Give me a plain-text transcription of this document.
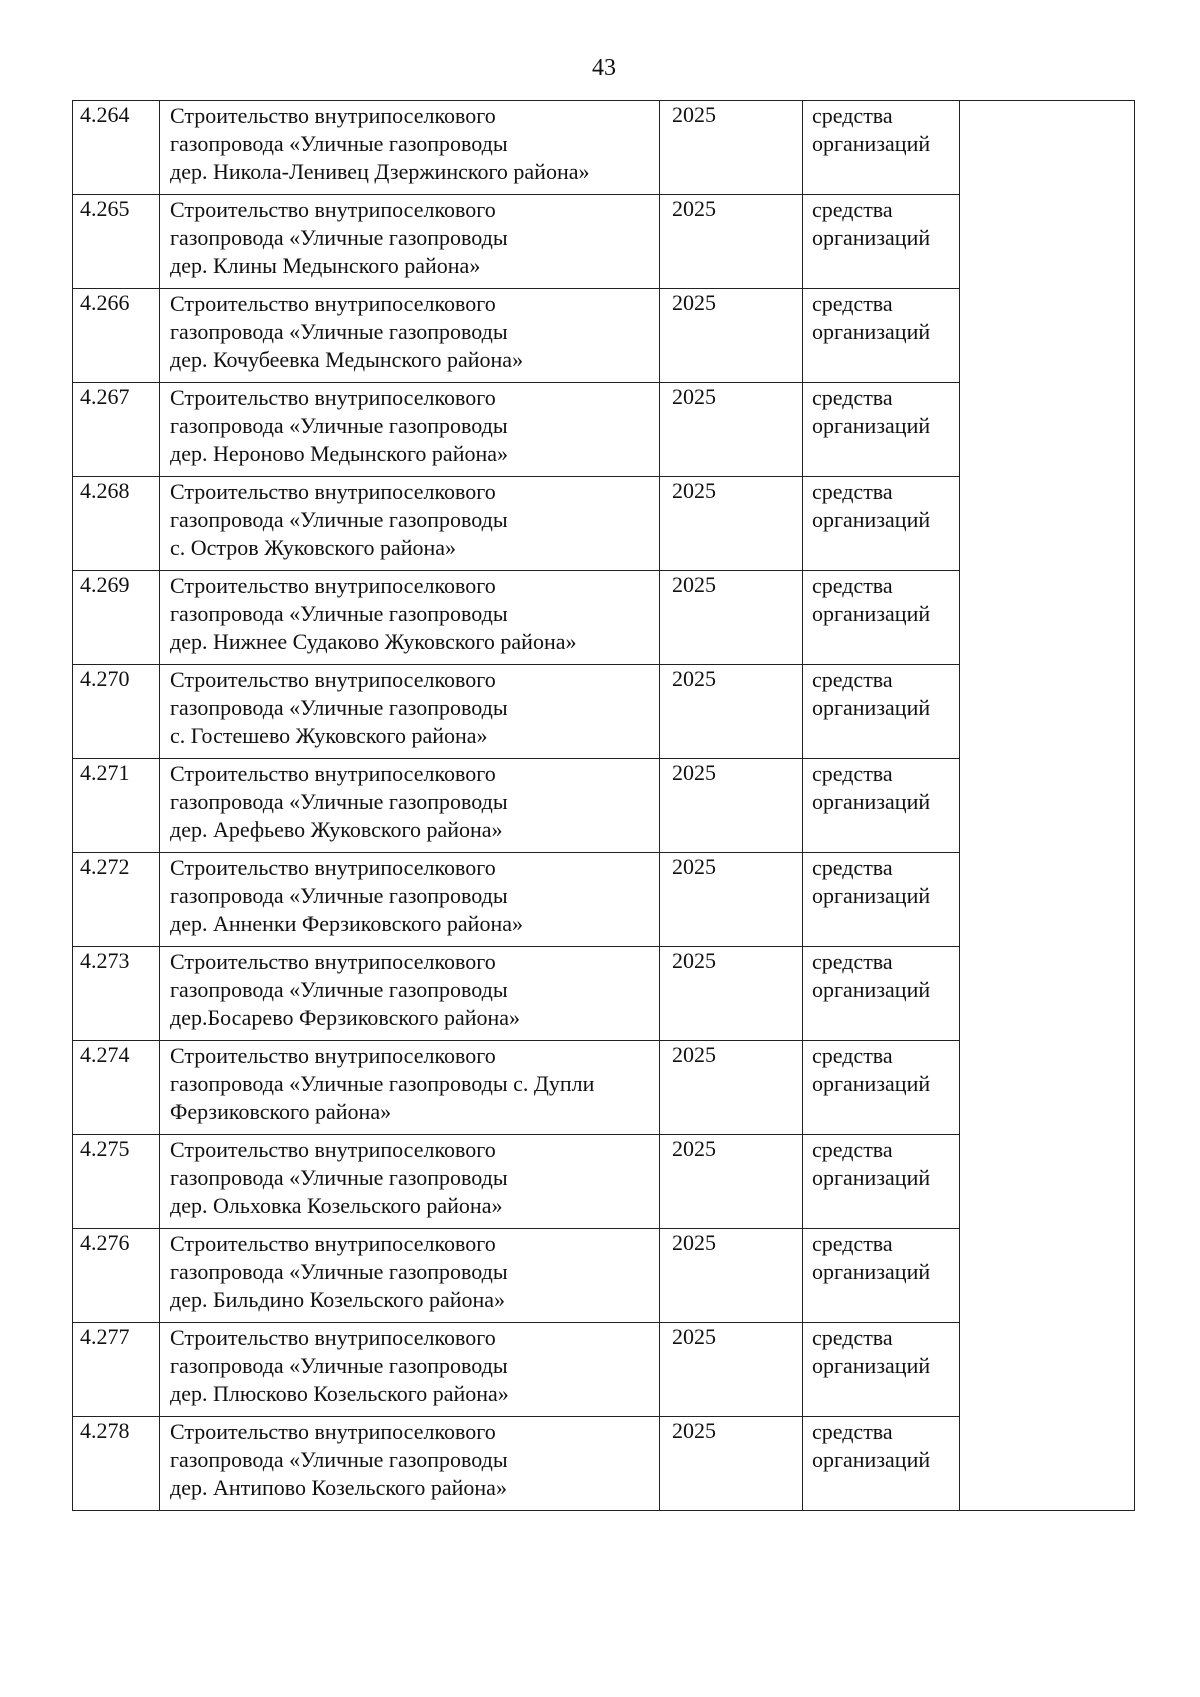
43
4.264	Строительство внутрипоселкового
газопровода «Уличные газопроводы
дер. Никола-Ленивец Дзержинского района»	2025	средства
организаций	

4.265	Строительство внутрипоселкового
газопровода «Уличные газопроводы
дер. Клины Медынского района»	2025	средства
организаций	

4.266	Строительство внутрипоселкового
газопровода «Уличные газопроводы
дер. Кочубеевка Медынского района»	2025	средства
организаций	

4.267	Строительство внутрипоселкового
газопровода «Уличные газопроводы
дер. Нероново Медынского района»	2025	средства
организаций	

4.268	Строительство внутрипоселкового
газопровода «Уличные газопроводы
с. Остров Жуковского района»	2025	средства
организаций	

4.269	Строительство внутрипоселкового
газопровода «Уличные газопроводы
дер. Нижнее Судаково Жуковского района»	2025	средства
организаций	

4.270	Строительство внутрипоселкового
газопровода «Уличные газопроводы
с. Гостешево Жуковского района»	2025	средства
организаций	

4.271	Строительство внутрипоселкового
газопровода «Уличные газопроводы
дер. Арефьево Жуковского района»	2025	средства
организаций	

4.272	Строительство внутрипоселкового
газопровода «Уличные газопроводы
дер. Анненки Ферзиковского района»	2025	средства
организаций	

4.273	Строительство внутрипоселкового
газопровода «Уличные газопроводы
дер.Босарево Ферзиковского района»	2025	средства
организаций	

4.274	Строительство внутрипоселкового
газопровода «Уличные газопроводы с. Дупли
Ферзиковского района»	2025	средства
организаций	

4.275	Строительство внутрипоселкового
газопровода «Уличные газопроводы
дер. Ольховка Козельского района»	2025	средства
организаций	

4.276	Строительство внутрипоселкового
газопровода «Уличные газопроводы
дер. Бильдино Козельского района»	2025	средства
организаций	

4.277	Строительство внутрипоселкового
газопровода «Уличные газопроводы
дер. Плюсково Козельского района»	2025	средства
организаций	

4.278	Строительство внутрипоселкового
газопровода «Уличные газопроводы
дер. Антипово Козельского района»	2025	средства
организаций	
